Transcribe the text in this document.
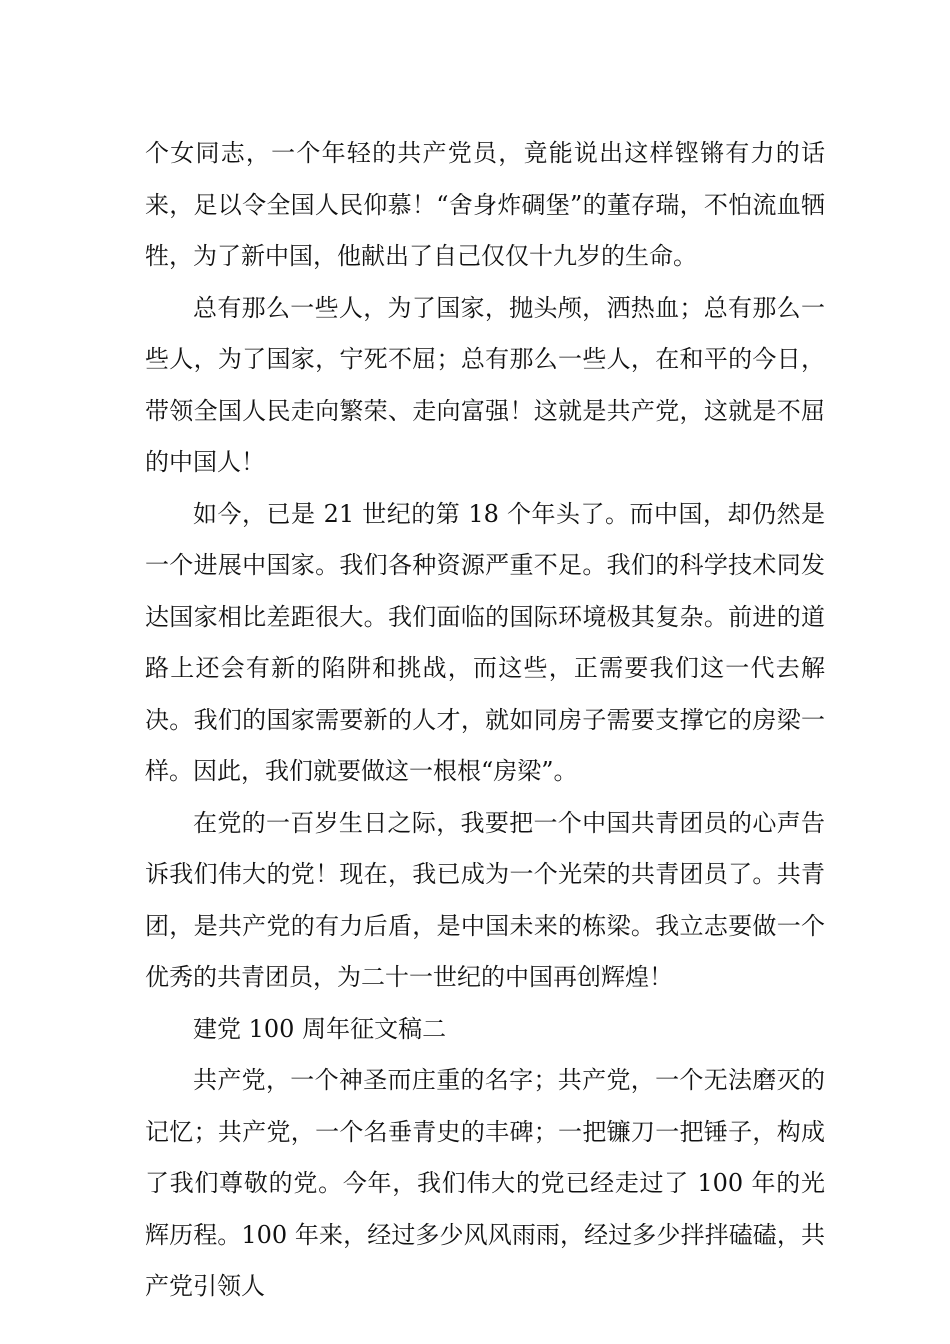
个女同志，一个年轻的共产党员，竟能说出这样铿锵有力的话来，足以令全国人民仰慕！“舍身炸碉堡”的董存瑞，不怕流血牺牲，为了新中国，他献出了自己仅仅十九岁的生命。

总有那么一些人，为了国家，抛头颅，洒热血；总有那么一些人，为了国家，宁死不屈；总有那么一些人，在和平的今日，带领全国人民走向繁荣、走向富强！这就是共产党，这就是不屈的中国人！

如今，已是 21 世纪的第 18 个年头了。而中国，却仍然是一个进展中国家。我们各种资源严重不足。我们的科学技术同发达国家相比差距很大。我们面临的国际环境极其复杂。前进的道路上还会有新的陷阱和挑战，而这些，正需要我们这一代去解决。我们的国家需要新的人才，就如同房子需要支撑它的房梁一样。因此，我们就要做这一根根“房梁”。

在党的一百岁生日之际，我要把一个中国共青团员的心声告诉我们伟大的党！现在，我已成为一个光荣的共青团员了。共青团，是共产党的有力后盾，是中国未来的栋梁。我立志要做一个优秀的共青团员，为二十一世纪的中国再创辉煌！

建党 100 周年征文稿二

共产党，一个神圣而庄重的名字；共产党，一个无法磨灭的记忆；共产党，一个名垂青史的丰碑；一把镰刀一把锤子，构成了我们尊敬的党。今年，我们伟大的党已经走过了 100 年的光辉历程。100 年来，经过多少风风雨雨，经过多少拌拌磕磕，共产党引领人
